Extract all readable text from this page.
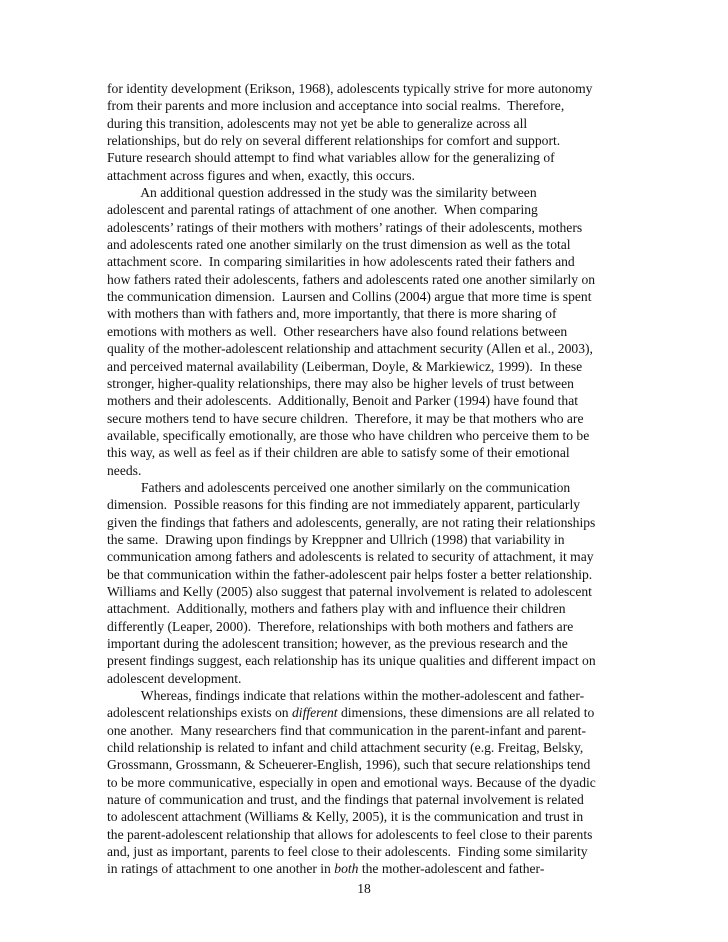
for identity development (Erikson, 1968), adolescents typically strive for more autonomy
from their parents and more inclusion and acceptance into social realms.  Therefore,
during this transition, adolescents may not yet be able to generalize across all
relationships, but do rely on several different relationships for comfort and support.
Future research should attempt to find what variables allow for the generalizing of
attachment across figures and when, exactly, this occurs.
An additional question addressed in the study was the similarity between
adolescent and parental ratings of attachment of one another.  When comparing
adolescents’ ratings of their mothers with mothers’ ratings of their adolescents, mothers
and adolescents rated one another similarly on the trust dimension as well as the total
attachment score.  In comparing similarities in how adolescents rated their fathers and
how fathers rated their adolescents, fathers and adolescents rated one another similarly on
the communication dimension.  Laursen and Collins (2004) argue that more time is spent
with mothers than with fathers and, more importantly, that there is more sharing of
emotions with mothers as well.  Other researchers have also found relations between
quality of the mother-adolescent relationship and attachment security (Allen et al., 2003),
and perceived maternal availability (Leiberman, Doyle, & Markiewicz, 1999).  In these
stronger, higher-quality relationships, there may also be higher levels of trust between
mothers and their adolescents.  Additionally, Benoit and Parker (1994) have found that
secure mothers tend to have secure children.  Therefore, it may be that mothers who are
available, specifically emotionally, are those who have children who perceive them to be
this way, as well as feel as if their children are able to satisfy some of their emotional
needs.
Fathers and adolescents perceived one another similarly on the communication
dimension.  Possible reasons for this finding are not immediately apparent, particularly
given the findings that fathers and adolescents, generally, are not rating their relationships
the same.  Drawing upon findings by Kreppner and Ullrich (1998) that variability in
communication among fathers and adolescents is related to security of attachment, it may
be that communication within the father-adolescent pair helps foster a better relationship.
Williams and Kelly (2005) also suggest that paternal involvement is related to adolescent
attachment.  Additionally, mothers and fathers play with and influence their children
differently (Leaper, 2000).  Therefore, relationships with both mothers and fathers are
important during the adolescent transition; however, as the previous research and the
present findings suggest, each relationship has its unique qualities and different impact on
adolescent development.
Whereas, findings indicate that relations within the mother-adolescent and father-
adolescent relationships exists on different dimensions, these dimensions are all related to
one another.  Many researchers find that communication in the parent-infant and parent-
child relationship is related to infant and child attachment security (e.g. Freitag, Belsky,
Grossmann, Grossmann, & Scheuerer-English, 1996), such that secure relationships tend
to be more communicative, especially in open and emotional ways. Because of the dyadic
nature of communication and trust, and the findings that paternal involvement is related
to adolescent attachment (Williams & Kelly, 2005), it is the communication and trust in
the parent-adolescent relationship that allows for adolescents to feel close to their parents
and, just as important, parents to feel close to their adolescents.  Finding some similarity
in ratings of attachment to one another in both the mother-adolescent and father-
18
